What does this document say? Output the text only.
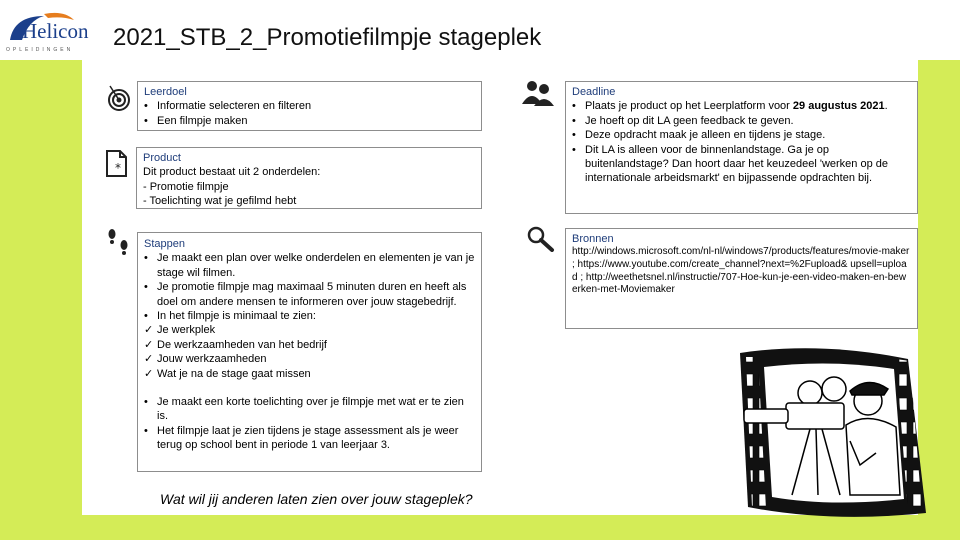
Helicon
OPLEIDINGEN 2021_STB_2_Promotiefilmpje stageplek
Leerdoel
• Informatie selecteren en filteren
• Een filmpje maken
*
Product

Dit product bestaat uit 2 onderdelen:

- Promotie filmpje

- Toelichting wat je gefilmd hebt

Stappen
• Je maakt een plan over welke onderdelen en elementen je van je stage wil filmen.
• Je promotie filmpje mag maximaal 5 minuten duren en heeft als doel om andere mensen te informeren over jouw stagebedrijf.
• In het filmpje is minimaal te zien:
✓ Je werkplek
✓ De werkzaamheden van het bedrijf
✓ Jouw werkzaamheden
✓ Wat je na de stage gaat missen
• Je maakt een korte toelichting over je filmpje met wat er te zien is.
• Het filmpje laat je zien tijdens je stage assessment als je weer terug op school bent in periode 1 van leerjaar 3.
Deadline
• Plaats je product op het Leerplatform voor 29 augustus 2021.
• Je hoeft op dit LA geen feedback te geven.
• Deze opdracht maak je alleen en tijdens je stage.
• Dit LA is alleen voor de binnenlandstage. Ga je op buitenlandstage? Dan hoort daar het keuzedeel 'werken op de internationale arbeidsmarkt' en bijpassende opdrachten bij.
Bronnen

http://windows.microsoft.com/nl-nl/windows7/products/features/movie-maker ; https://www.youtube.com/create_channel?next=%2Fupload& upsell=upload ; http://weethetsnel.nl/instructie/707-Hoe-kun-je-een-video-maken-en-bewerken-met-Moviemaker

Wat wil jij anderen laten zien over jouw stageplek?
